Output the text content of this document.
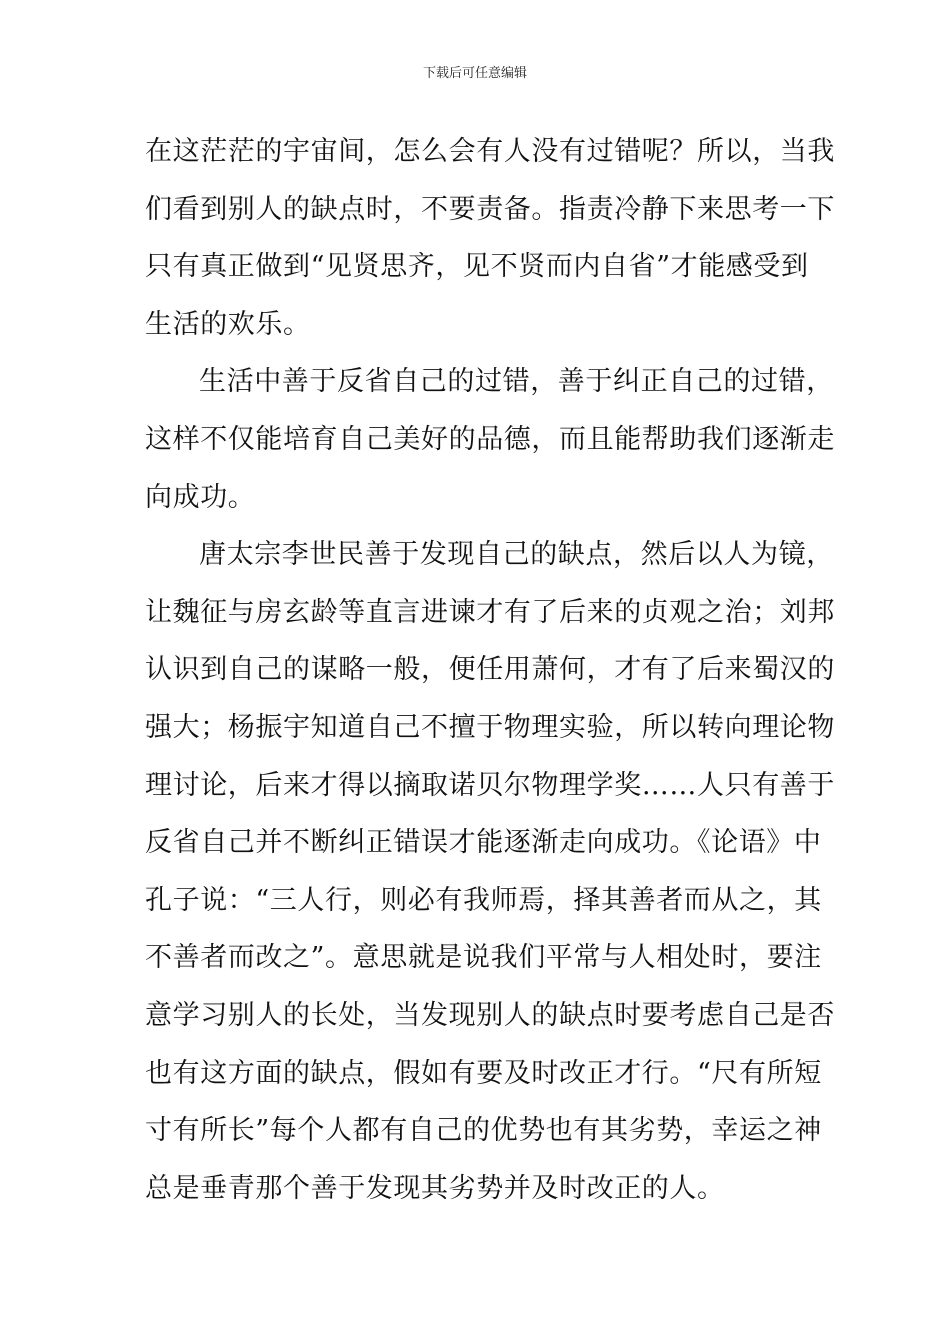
下载后可任意编辑
在这茫茫的宇宙间，怎么会有人没有过错呢？所以，当我
们看到别人的缺点时，不要责备。指责冷静下来思考一下
只有真正做到“见贤思齐，见不贤而内自省”才能感受到
生活的欢乐。
生活中善于反省自己的过错，善于纠正自己的过错，
这样不仅能培育自己美好的品德，而且能帮助我们逐渐走
向成功。
唐太宗李世民善于发现自己的缺点，然后以人为镜，
让魏征与房玄龄等直言进谏才有了后来的贞观之治；刘邦
认识到自己的谋略一般，便任用萧何，才有了后来蜀汉的
强大；杨振宇知道自己不擅于物理实验，所以转向理论物
理讨论，后来才得以摘取诺贝尔物理学奖……人只有善于
反省自己并不断纠正错误才能逐渐走向成功。《论语》中
孔子说：“三人行，则必有我师焉，择其善者而从之，其
不善者而改之”。意思就是说我们平常与人相处时，要注
意学习别人的长处，当发现别人的缺点时要考虑自己是否
也有这方面的缺点，假如有要及时改正才行。“尺有所短
寸有所长”每个人都有自己的优势也有其劣势，幸运之神
总是垂青那个善于发现其劣势并及时改正的人。
